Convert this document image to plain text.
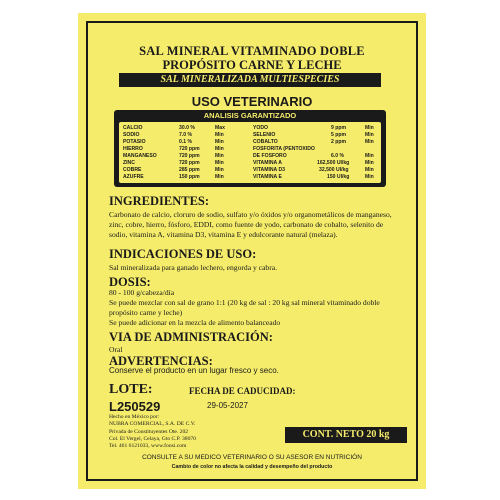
SAL MINERAL VITAMINADO DOBLE
PROPÓSITO CARNE Y LECHE
SAL MINERALIZADA MULTIESPECIES
USO VETERINARIO
ANALISIS GARANTIZADO
CALCIO	30.0 %	Max
SODIO	7.0 %	Min
POTASIO	0.1 %	Min
HIERRO	720 ppm	Min
MANGANESO	720 ppm	Min
ZINC	720 ppm	Min
COBRE	285 ppm	Min
AZUFRE	150 ppm	Min
YODO	9 ppm	Min
SELENIO	5 ppm	Min
COBALTO	2 ppm	Min
FOSFORITA (PENTOXIDO
DE FOSFORO	6.0 %	Min
VITAMINA A	162,500 UI/kg	Min
VITAMINA D3	32,500 UI/kg	Min
VITAMINA E	150 UI/kg	Min
INGREDIENTES:
Carbonato de calcio, cloruro de sodio, sulfato y/o óxidos y/o organometálicos de manganeso, zinc, cobre, hierro, fósforo, EDDI, como fuente de yodo, carbonato de cobalto, selenito de sodio, vitamina A, vitamina D3, vitamina E y edulcorante natural (melaza).
INDICACIONES DE USO:
Sal mineralizada para ganado lechero, engorda y cabra.
DOSIS:
80 - 100 g/cabeza/día
Se puede mezclar con sal de grano 1:1 (20 kg de sal : 20 kg sal mineral vitaminado doble propósito carne y leche)
Se puede adicionar en la mezcla de alimento balanceado
VIA DE ADMINISTRACIÓN:
Oral
ADVERTENCIAS:
Conserve el producto en un lugar fresco y seco.
LOTE:
L250529
FECHA DE CADUCIDAD:
29-05-2027
Hecho en México por:
NUBRA COMERCIAL, S.A. DE C.V.
Privada de Constituyentes Ote. 202
Col. El Vergel, Celaya, Gto C.P. 38070
Tel. 461 6121033, www.fonsi.com
CONT. NETO 20 kg
CONSULTE A SU MEDICO VETERINARIO O SU ASESOR EN NUTRICIÓN
Cambio de color no afecta la calidad y desempeño del producto
